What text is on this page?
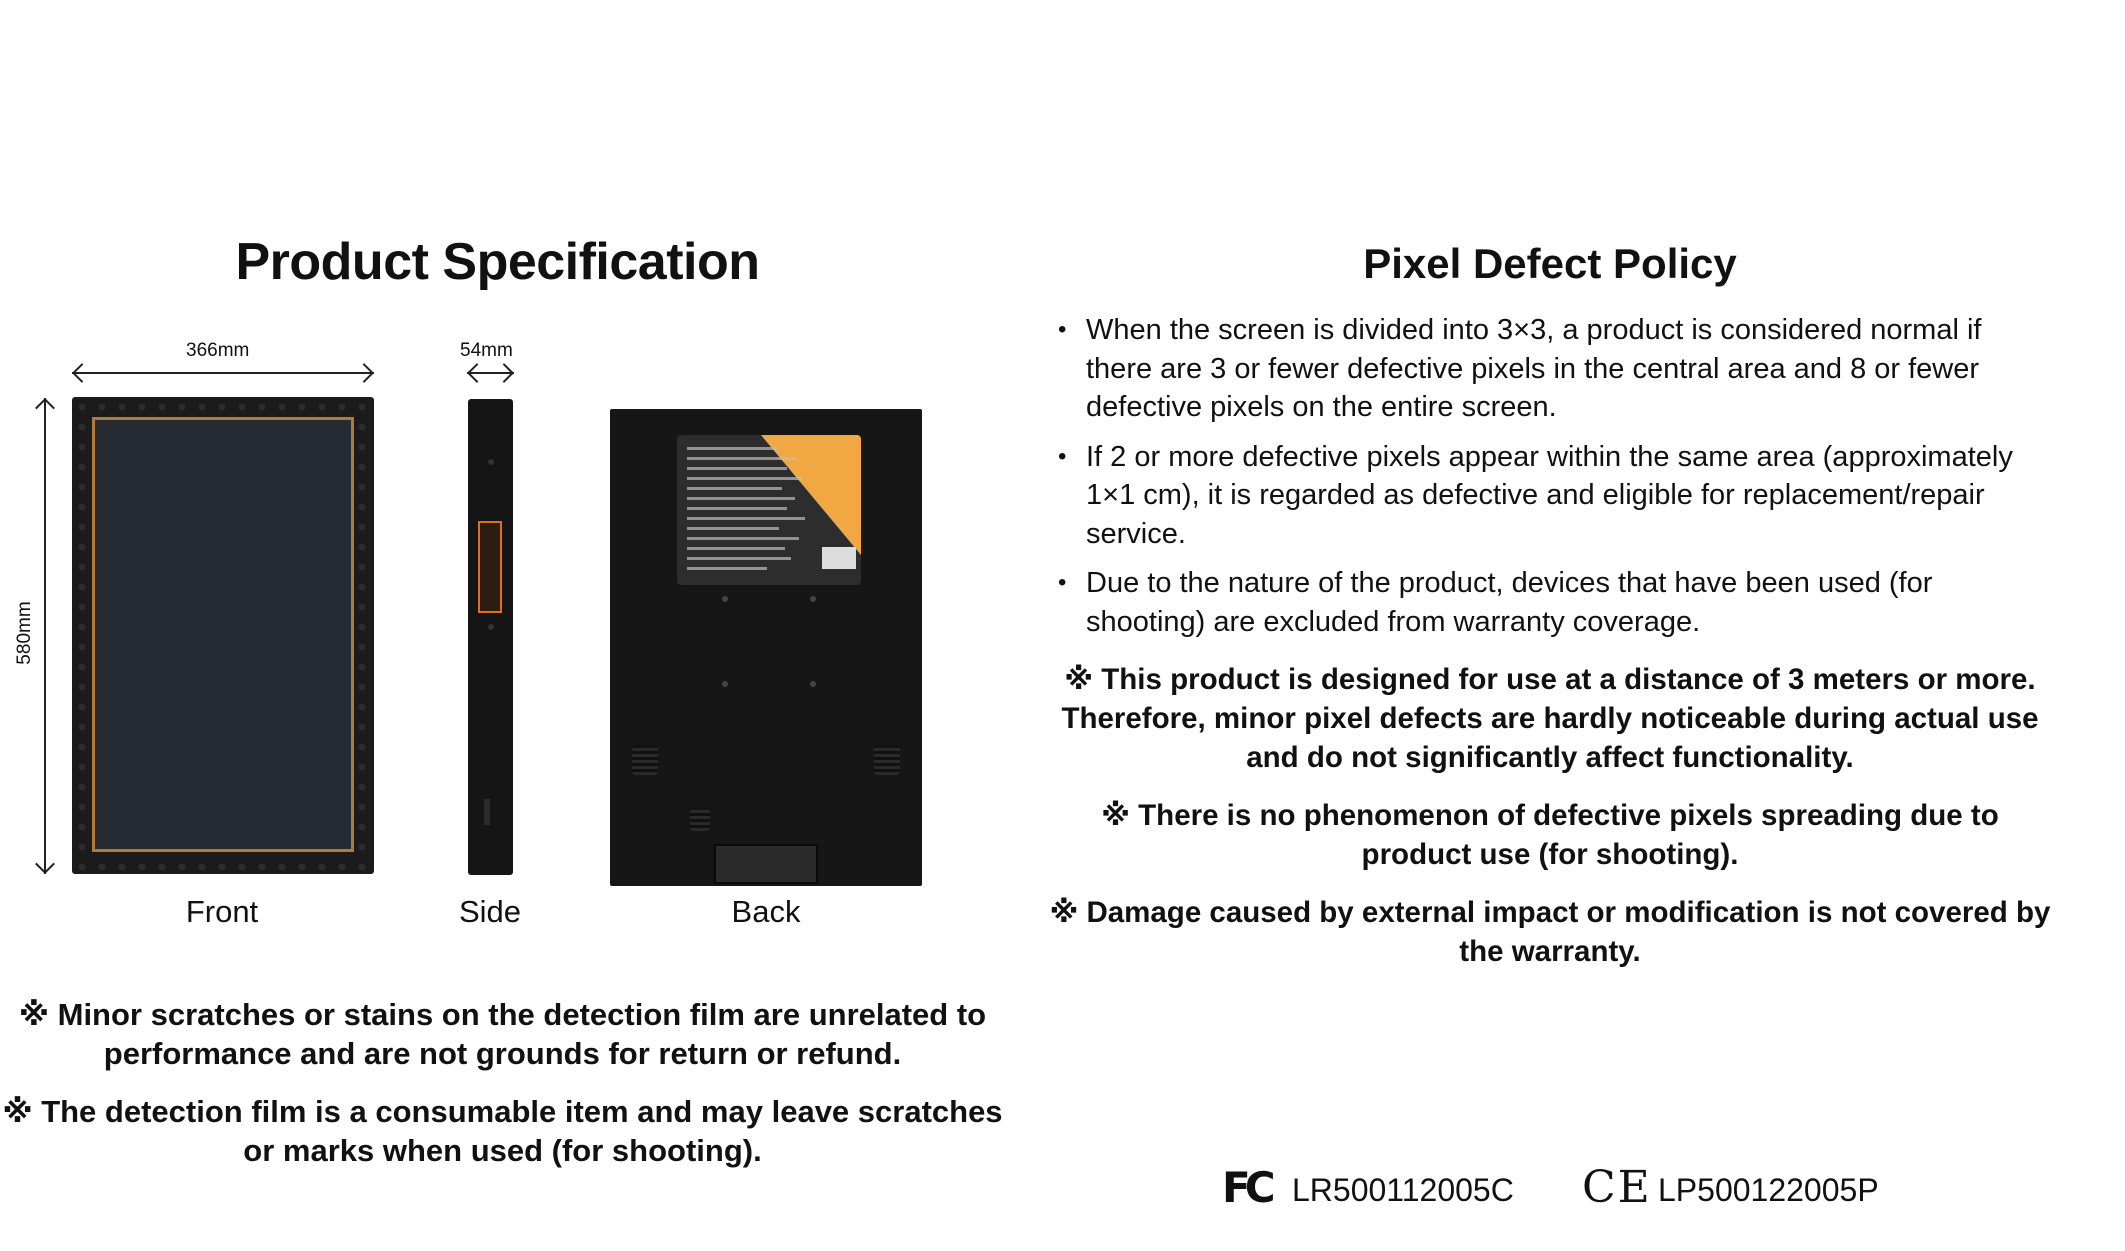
Product Specification
366mm	54mm
580mm
Front	Side	Back
※ Minor scratches or stains on the detection film are unrelated to performance and are not grounds for return or refund.
※ The detection film is a consumable item and may leave scratches or marks when used (for shooting).
Pixel Defect Policy
• When the screen is divided into 3×3, a product is considered normal if there are 3 or fewer defective pixels in the central area and 8 or fewer defective pixels on the entire screen.
• If 2 or more defective pixels appear within the same area (approximately 1×1 cm), it is regarded as defective and eligible for replacement/repair service.
• Due to the nature of the product, devices that have been used (for shooting) are excluded from warranty coverage.
※ This product is designed for use at a distance of 3 meters or more. Therefore, minor pixel defects are hardly noticeable during actual use and do not significantly affect functionality.
※ There is no phenomenon of defective pixels spreading due to product use (for shooting).
※ Damage caused by external impact or modification is not covered by the warranty.
FC LR500112005C CE LP500122005P
